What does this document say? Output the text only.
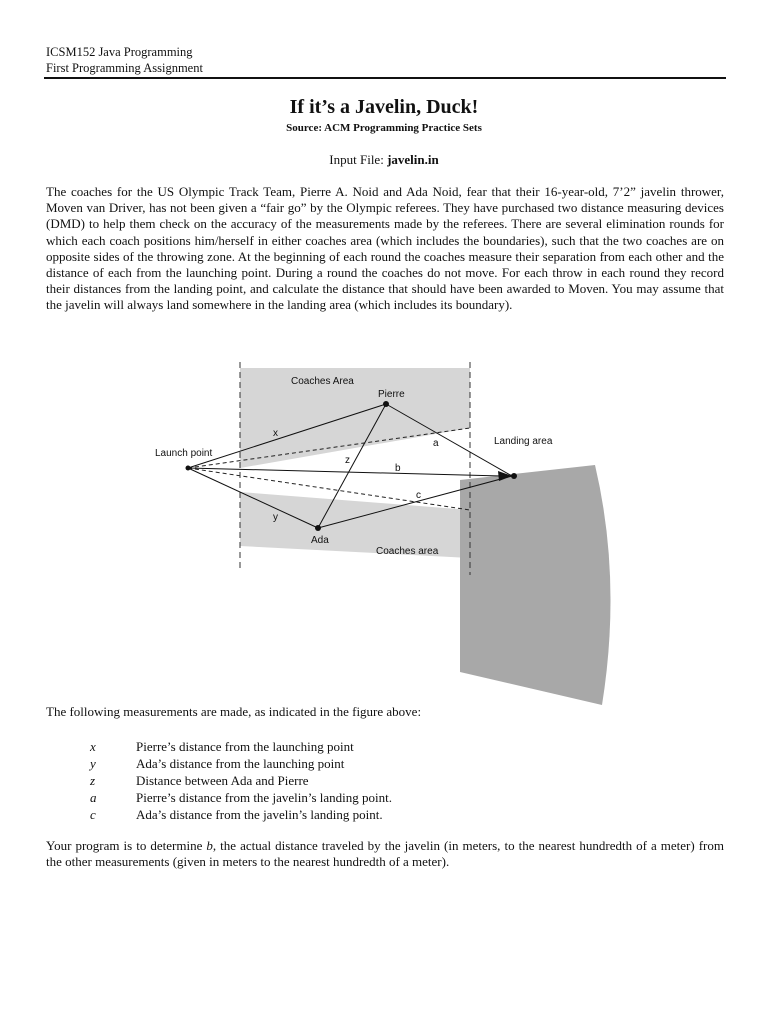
ICSM152 Java Programming
First Programming Assignment
If it’s a Javelin, Duck!
Source: ACM Programming Practice Sets
Input File: javelin.in

The coaches for the US Olympic Track Team, Pierre A. Noid and Ada Noid, fear that their 16-year-old, 7’2” javelin thrower, Moven van Driver, has not been given a “fair go” by the Olympic referees. They have purchased two distance measuring devices (DMD) to help them check on the accuracy of the measurements made by the referees. There are several elimination rounds for which each coach positions him/herself in either coaches area (which includes the boundaries), such that the two coaches are on opposite sides of the throwing zone. At the beginning of each round the coaches measure their separation from each other and the distance of each from the launching point. During a round the coaches do not move. For each throw in each round they record their distances from the landing point, and calculate the distance that should have been awarded to Moven. You may assume that the javelin will always land somewhere in the landing area (which includes its boundary).

Coaches Area
Pierre
Landing area
Launch point
x
a
z
b
c
y
Ada
Coaches area

The following measurements are made, as indicated in the figure above:

x	Pierre’s distance from the launching point
y	Ada’s distance from the launching point
z	Distance between Ada and Pierre
a	Pierre’s distance from the javelin’s landing point.
c	Ada’s distance from the javelin’s landing point.

Your program is to determine b, the actual distance traveled by the javelin (in meters, to the nearest hundredth of a meter) from the other measurements (given in meters to the nearest hundredth of a meter).
